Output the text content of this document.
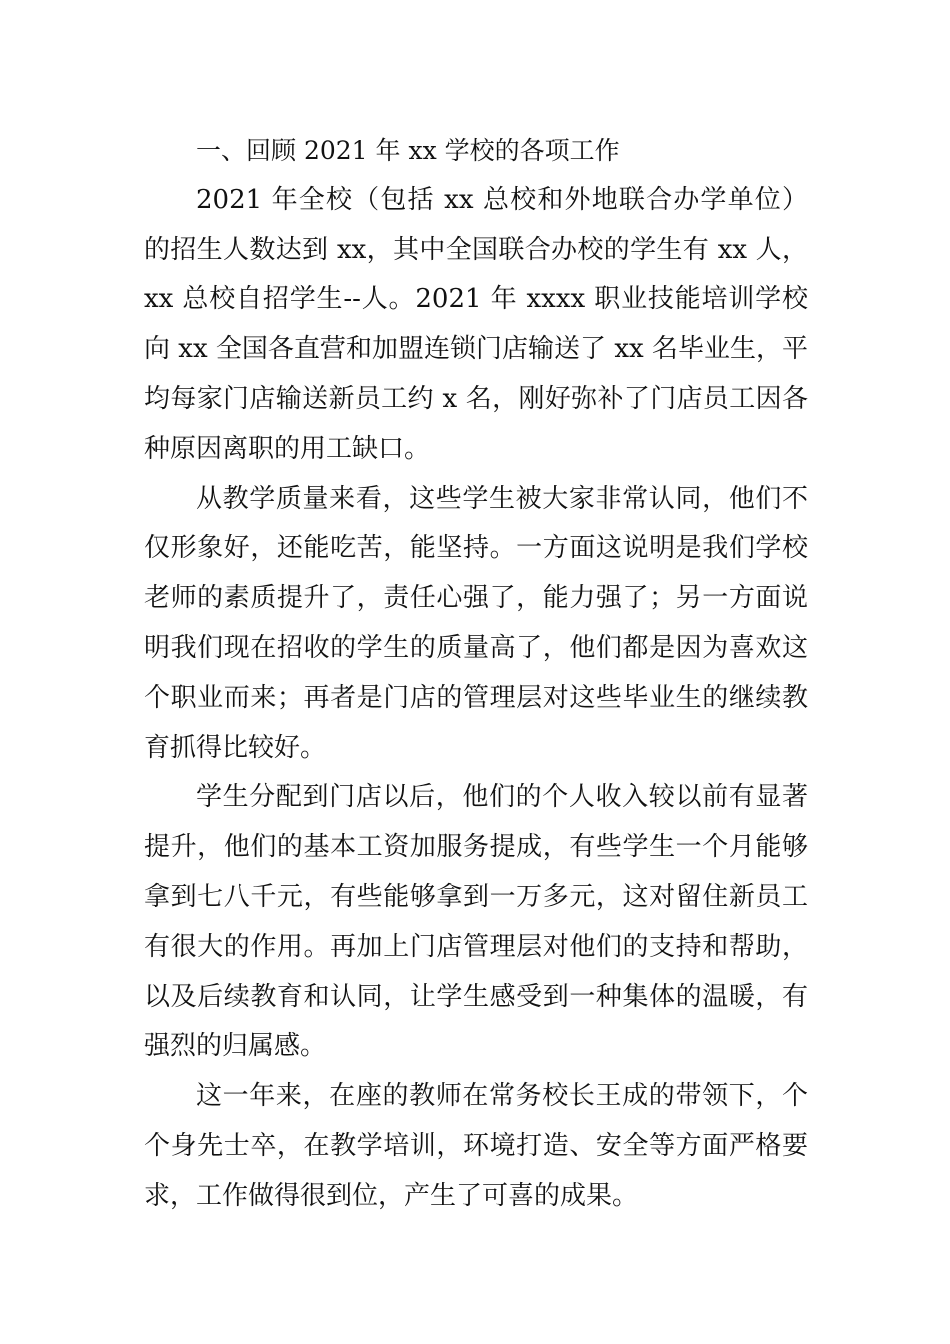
一、回顾 2021 年 xx 学校的各项工作

2021 年全校（包括 xx 总校和外地联合办学单位）的招生人数达到 xx，其中全国联合办校的学生有 xx 人，xx 总校自招学生--人。2021 年 xxxx 职业技能培训学校向 xx 全国各直营和加盟连锁门店输送了 xx 名毕业生，平均每家门店输送新员工约 x 名，刚好弥补了门店员工因各种原因离职的用工缺口。

从教学质量来看，这些学生被大家非常认同，他们不仅形象好，还能吃苦，能坚持。一方面这说明是我们学校老师的素质提升了，责任心强了，能力强了；另一方面说明我们现在招收的学生的质量高了，他们都是因为喜欢这个职业而来；再者是门店的管理层对这些毕业生的继续教育抓得比较好。

学生分配到门店以后，他们的个人收入较以前有显著提升，他们的基本工资加服务提成，有些学生一个月能够拿到七八千元，有些能够拿到一万多元，这对留住新员工有很大的作用。再加上门店管理层对他们的支持和帮助，以及后续教育和认同，让学生感受到一种集体的温暖，有强烈的归属感。

这一年来，在座的教师在常务校长王成的带领下，个个身先士卒，在教学培训，环境打造、安全等方面严格要求，工作做得很到位，产生了可喜的成果。
